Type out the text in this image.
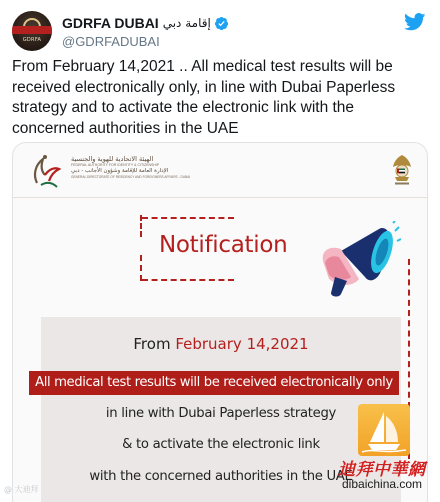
GDRFA
GDRFA DUBAI إقامة دبي
@GDRFADUBAI
From February 14,2021 .. All medical test results will be received electronically only, in line with Dubai Paperless strategy and to activate the electronic link with the concerned authorities in the UAE
الهيئة الاتحادية للهوية والجنسية
FEDERAL AUTHORITY FOR IDENTITY & CITIZENSHIP
الإدارة العامة للإقامة وشؤون الأجانب - دبي
GENERAL DIRECTORATE OF RESIDENCY AND FOREIGNERS AFFAIRS - DUBAI
Notification
From February 14,2021
All medical test results will be received electronically only
in line with Dubai Paperless strategy
& to activate the electronic link
with the concerned authorities in the UAE
@ 大迪拜
迪拜中華網
dibaichina.com
